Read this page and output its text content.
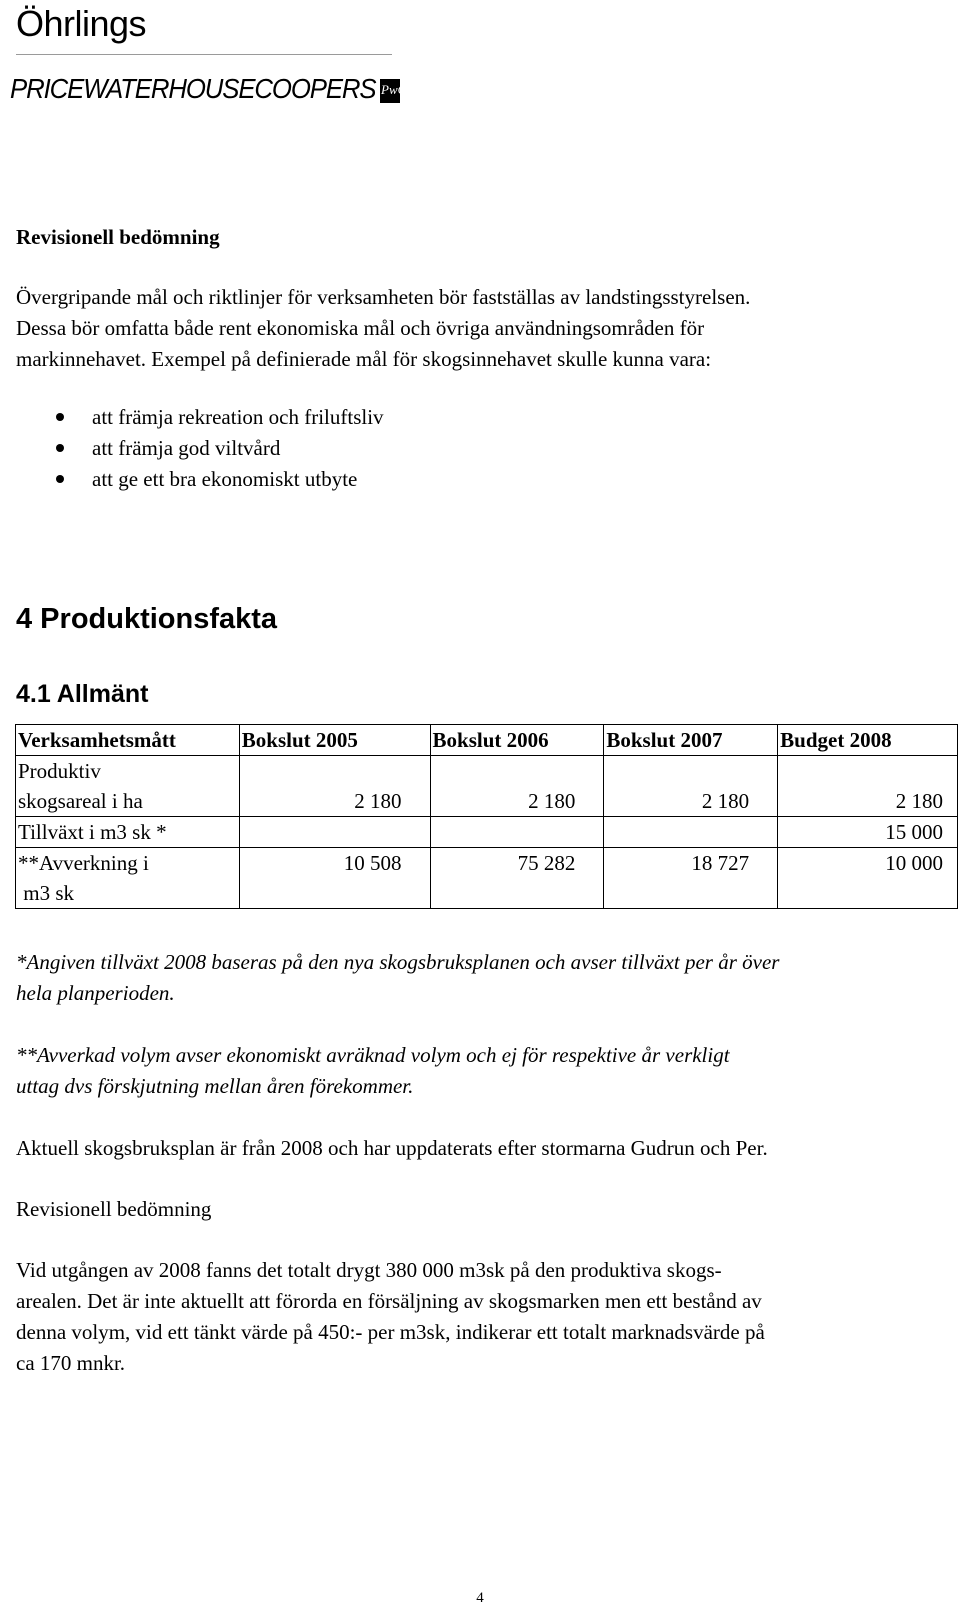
Öhrlings
PRICEWATERHOUSECOOPERS PwC
Revisionell bedömning
Övergripande mål och riktlinjer för verksamheten bör fastställas av landstingsstyrelsen.
Dessa bör omfatta både rent ekonomiska mål och övriga användningsområden för
markinnehavet. Exempel på definierade mål för skogsinnehavet skulle kunna vara:
att främja rekreation och friluftsliv
att främja god viltvård
att ge ett bra ekonomiskt utbyte
4 Produktionsfakta
4.1 Allmänt
Verksamhetsmått	Bokslut 2005	Bokslut 2006	Bokslut 2007	Budget 2008

Produktiv
skogsareal i ha	2 180	2 180	2 180	2 180
Tillväxt i m3 sk *				15 000

**Avverkning i
m3 sk	10 508	75 282	18 727	10 000
*Angiven tillväxt 2008 baseras på den nya skogsbruksplanen och avser tillväxt per år över
hela planperioden.
**Avverkad volym avser ekonomiskt avräknad volym och ej för respektive år verkligt
uttag dvs förskjutning mellan åren förekommer.
Aktuell skogsbruksplan är från 2008 och har uppdaterats efter stormarna Gudrun och Per.
Revisionell bedömning
Vid utgången av 2008 fanns det totalt drygt 380 000 m3sk på den produktiva skogs-
arealen. Det är inte aktuellt att förorda en försäljning av skogsmarken men ett bestånd av
denna volym, vid ett tänkt värde på 450:- per m3sk, indikerar ett totalt marknadsvärde på
ca 170 mnkr.
4
